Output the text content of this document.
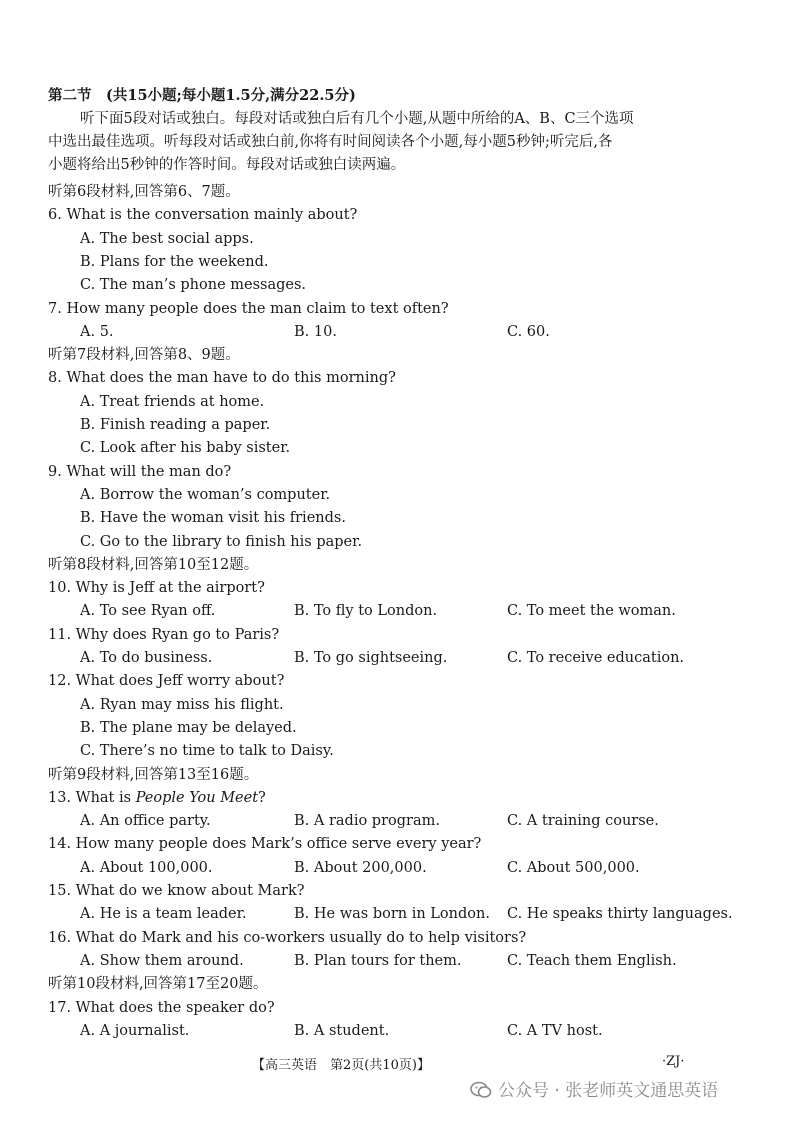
第二节　(共15小题;每小题1.5分,满分22.5分)
听下面5段对话或独白。每段对话或独白后有几个小题,从题中所给的A、B、C三个选项
中选出最佳选项。听每段对话或独白前,你将有时间阅读各个小题,每小题5秒钟;听完后,各
小题将给出5秒钟的作答时间。每段对话或独白读两遍。
听第6段材料,回答第6、7题。
6. What is the conversation mainly about?
A. The best social apps.
B. Plans for the weekend.
C. The man’s phone messages.
7. How many people does the man claim to text often?
A. 5.	B. 10.	C. 60.
听第7段材料,回答第8、9题。
8. What does the man have to do this morning?
A. Treat friends at home.
B. Finish reading a paper.
C. Look after his baby sister.
9. What will the man do?
A. Borrow the woman’s computer.
B. Have the woman visit his friends.
C. Go to the library to finish his paper.
听第8段材料,回答第10至12题。
10. Why is Jeff at the airport?
A. To see Ryan off.	B. To fly to London.	C. To meet the woman.
11. Why does Ryan go to Paris?
A. To do business.	B. To go sightseeing.	C. To receive education.
12. What does Jeff worry about?
A. Ryan may miss his flight.
B. The plane may be delayed.
C. There’s no time to talk to Daisy.
听第9段材料,回答第13至16题。
13. What is People You Meet?
A. An office party.	B. A radio program.	C. A training course.
14. How many people does Mark’s office serve every year?
A. About 100,000.	B. About 200,000.	C. About 500,000.
15. What do we know about Mark?
A. He is a team leader.	B. He was born in London. C. He speaks thirty languages.
16. What do Mark and his co-workers usually do to help visitors?
A. Show them around.	B. Plan tours for them.	C. Teach them English.
听第10段材料,回答第17至20题。
17. What does the speaker do?
A. A journalist.	B. A student.	C. A TV host.
【高三英语　第2页(共10页)】	·ZJ·
公众号 · 张老师英文通思英语
